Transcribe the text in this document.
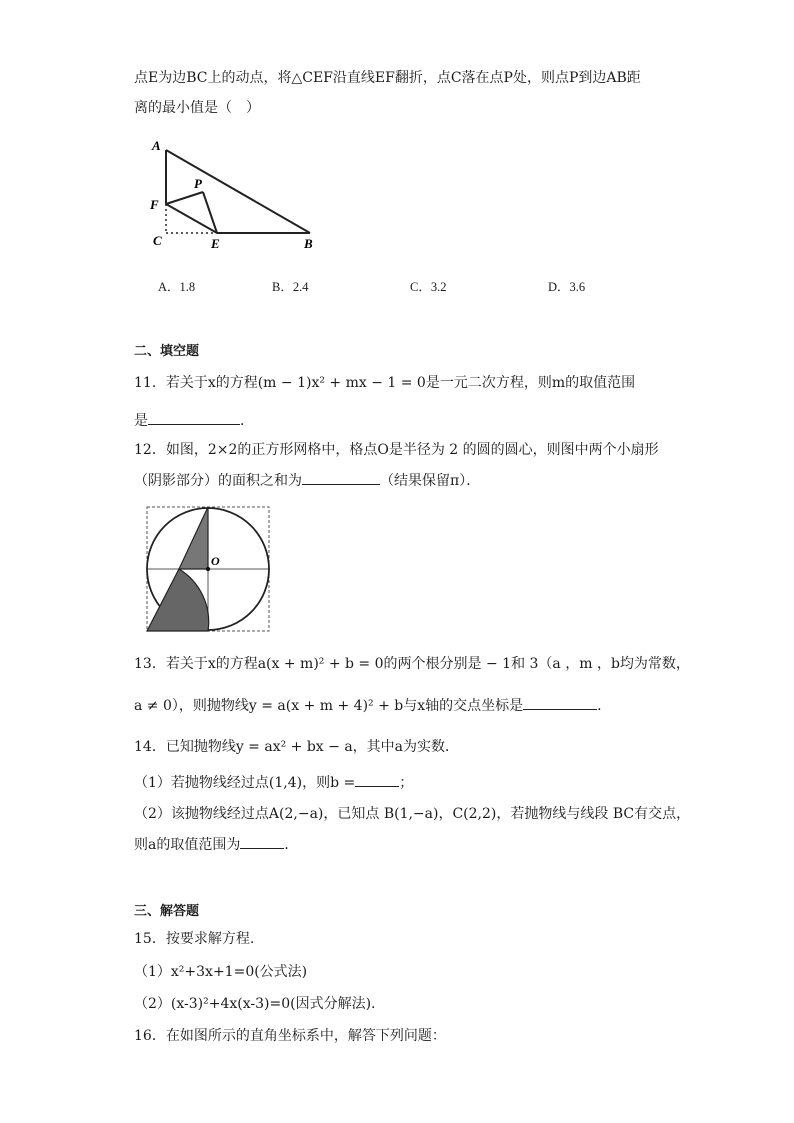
点E为边BC上的动点，将△CEF沿直线EF翻折，点C落在点P处，则点P到边AB距
离的最小值是（　）
A
F
P
C	E	B
A．1.8	B．2.4	C．3.2	D．3.6
二、填空题
11．若关于x的方程(m − 1)x² + mx − 1 = 0是一元二次方程，则m的取值范围
是	．
12．如图，2×2的正方形网格中，格点O是半径为 2 的圆的圆心，则图中两个小扇形
（阴影部分）的面积之和为	（结果保留π）．
O
13．若关于x的方程a(x + m)² + b = 0的两个根分别是 − 1和 3（a ，m ，b均为常数，
a ≠ 0），则抛物线y = a(x + m + 4)² + b与x轴的交点坐标是	.
14．已知抛物线y = ax² + bx − a，其中a为实数．
（1）若抛物线经过点(1,4)，则b =	；
（2）该抛物线经过点A(2,−a)，已知点 B(1,−a)，C(2,2)，若抛物线与线段 BC有交点，
则a的取值范围为	．
三、解答题
15．按要求解方程.
（1）x²+3x+1=0(公式法)
（2）(x-3)²+4x(x-3)=0(因式分解法).
16．在如图所示的直角坐标系中，解答下列问题：
